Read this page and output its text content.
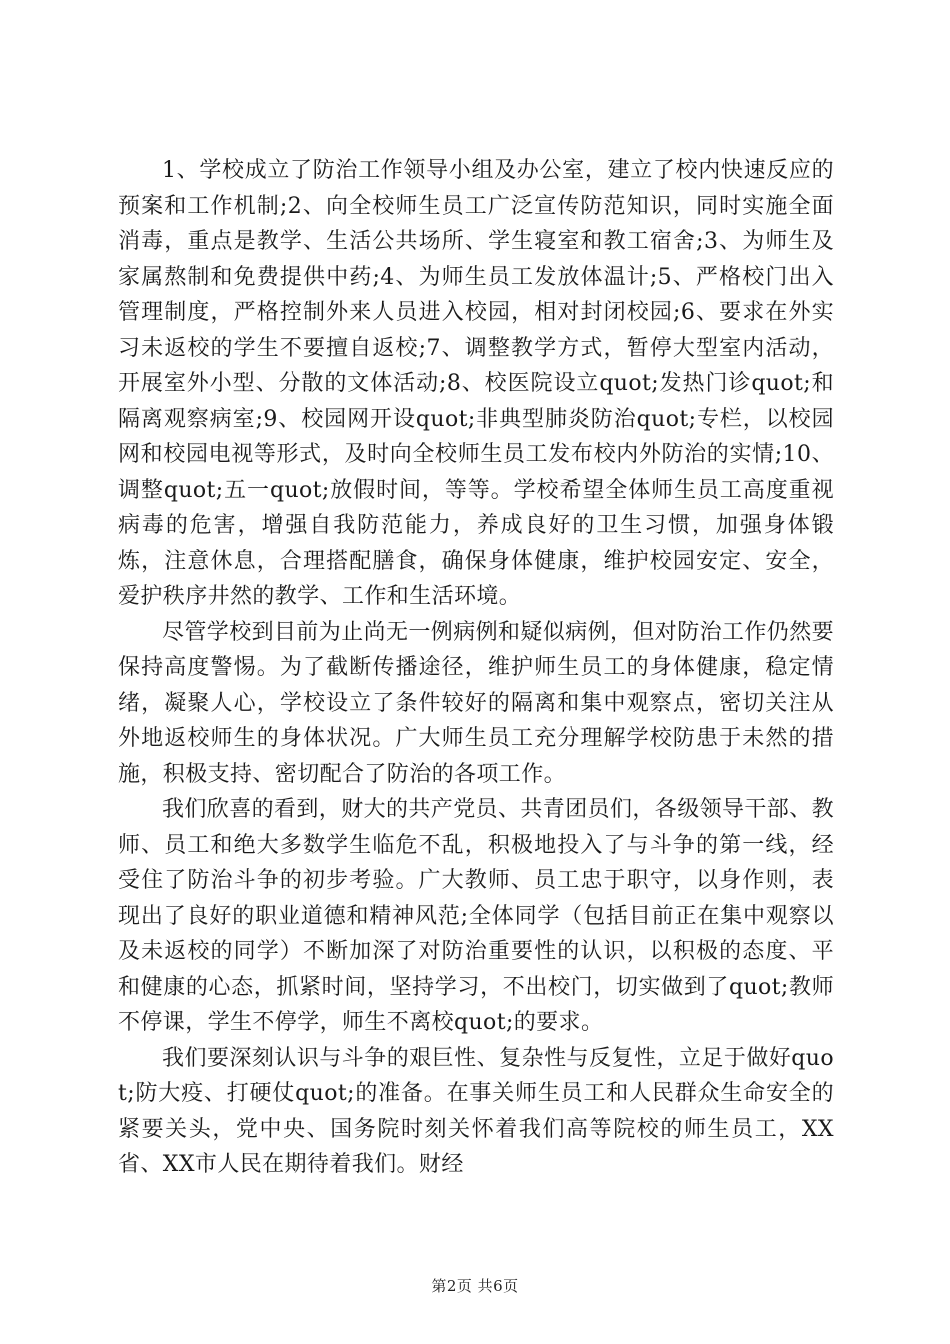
1、学校成立了防治工作领导小组及办公室，建立了校内快速反应的预案和工作机制;2、向全校师生员工广泛宣传防范知识，同时实施全面消毒，重点是教学、生活公共场所、学生寝室和教工宿舍;3、为师生及家属熬制和免费提供中药;4、为师生员工发放体温计;5、严格校门出入管理制度，严格控制外来人员进入校园，相对封闭校园;6、要求在外实习未返校的学生不要擅自返校;7、调整教学方式，暂停大型室内活动，开展室外小型、分散的文体活动;8、校医院设立quot;发热门诊quot;和隔离观察病室;9、校园网开设quot;非典型肺炎防治quot;专栏，以校园网和校园电视等形式，及时向全校师生员工发布校内外防治的实情;10、调整quot;五一quot;放假时间，等等。学校希望全体师生员工高度重视病毒的危害，增强自我防范能力，养成良好的卫生习惯，加强身体锻炼，注意休息，合理搭配膳食，确保身体健康，维护校园安定、安全，爱护秩序井然的教学、工作和生活环境。

尽管学校到目前为止尚无一例病例和疑似病例，但对防治工作仍然要保持高度警惕。为了截断传播途径，维护师生员工的身体健康，稳定情绪，凝聚人心，学校设立了条件较好的隔离和集中观察点，密切关注从外地返校师生的身体状况。广大师生员工充分理解学校防患于未然的措施，积极支持、密切配合了防治的各项工作。

我们欣喜的看到，财大的共产党员、共青团员们，各级领导干部、教师、员工和绝大多数学生临危不乱，积极地投入了与斗争的第一线，经受住了防治斗争的初步考验。广大教师、员工忠于职守，以身作则，表现出了良好的职业道德和精神风范;全体同学（包括目前正在集中观察以及未返校的同学）不断加深了对防治重要性的认识，以积极的态度、平和健康的心态，抓紧时间，坚持学习，不出校门，切实做到了quot;教师不停课，学生不停学，师生不离校quot;的要求。

我们要深刻认识与斗争的艰巨性、复杂性与反复性，立足于做好quot;防大疫、打硬仗quot;的准备。在事关师生员工和人民群众生命安全的紧要关头，党中央、国务院时刻关怀着我们高等院校的师生员工，XX省、XX市人民在期待着我们。财经

第2页 共6页
